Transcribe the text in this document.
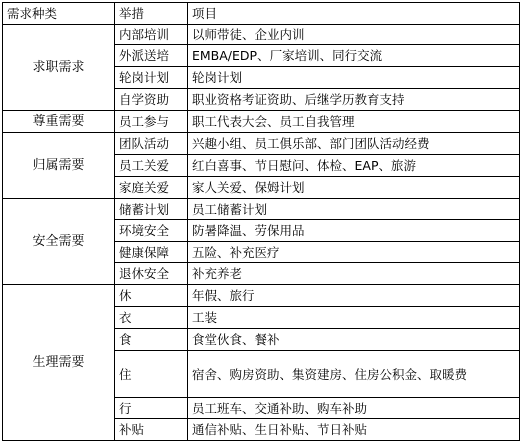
需求种类	举措	项目
求职需求	内部培训	以师带徒、企业内训
	外派送培	EMBA/EDP、厂家培训、同行交流
	轮岗计划	轮岗计划
	自学资助	职业资格考证资助、后继学历教育支持
尊重需要	员工参与	职工代表大会、员工自我管理
归属需要	团队活动	兴趣小组、员工俱乐部、部门团队活动经费
	员工关爱	红白喜事、节日慰问、体检、EAP、旅游
	家庭关爱	家人关爱、保姆计划
安全需要	储蓄计划	员工储蓄计划
	环境安全	防暑降温、劳保用品
	健康保障	五险、补充医疗
	退休安全	补充养老
生理需要	休	年假、旅行
	衣	工装
	食	食堂伙食、餐补
	住	宿舍、购房资助、集资建房、住房公积金、取暖费
	行	员工班车、交通补助、购车补助
	补贴	通信补贴、生日补贴、节日补贴
